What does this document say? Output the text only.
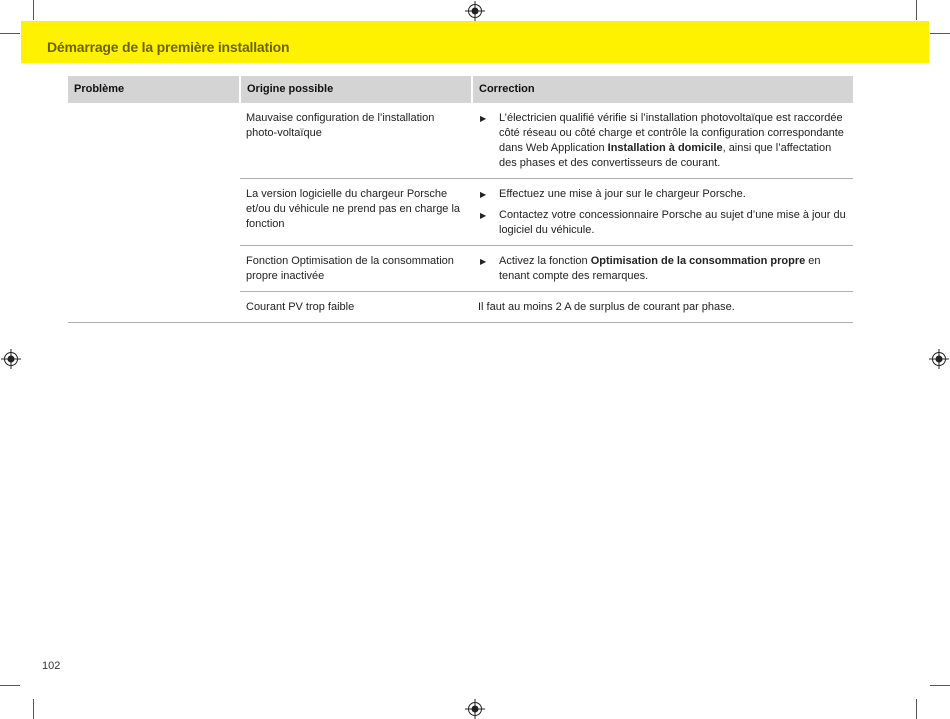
Démarrage de la première installation
Problème	Origine possible	Correction
	Mauvaise configuration de l’installation photo-voltaïque	▶ L’électricien qualifié vérifie si l’installation photovoltaïque est raccordée côté réseau ou côté charge et contrôle la configuration correspondante dans Web Application Installation à domicile, ainsi que l’affectation des phases et des convertisseurs de courant.

	La version logicielle du chargeur Porsche et/ou du véhicule ne prend pas en charge la fonction	▶ Effectuez une mise à jour sur le chargeur Porsche.

▶ Contactez votre concessionnaire Porsche au sujet d’une mise à jour du logiciel du véhicule.

	Fonction Optimisation de la consommation propre inactivée	▶ Activez la fonction Optimisation de la consommation propre en tenant compte des remarques.

	Courant PV trop faible	Il faut au moins 2 A de surplus de courant par phase.
102
